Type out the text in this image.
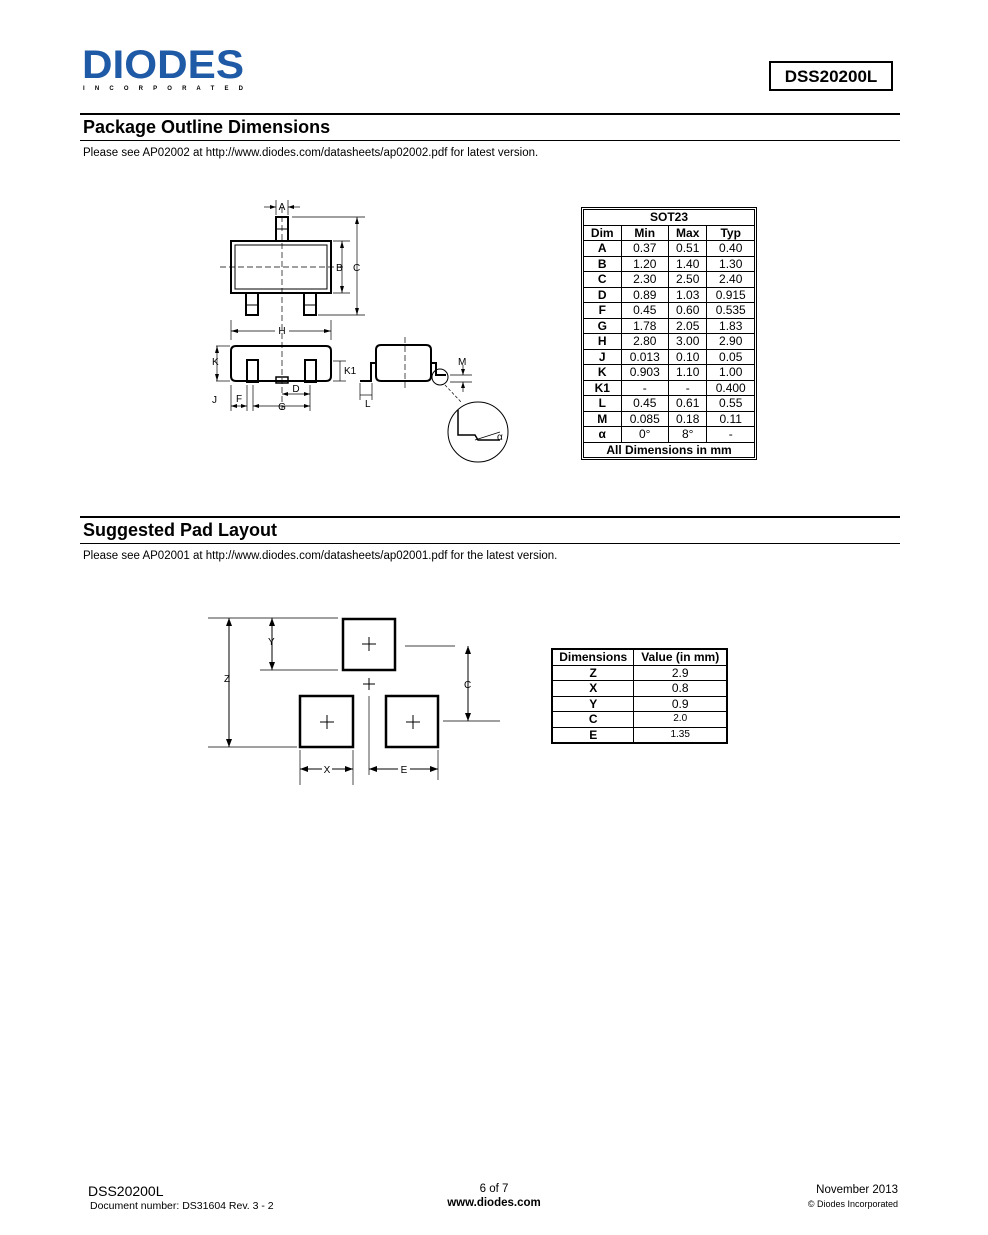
DIODES
I N C O R P O R A T E D
DSS20200L
Package Outline Dimensions
Please see AP02002 at http://www.diodes.com/datasheets/ap02002.pdf for latest version.
A
B C
H
K
J
K1
F
D
G	L
M
α
SOT23			
Dim	Min	Max	Typ
A	0.37	0.51	0.40
B	1.20	1.40	1.30
C	2.30	2.50	2.40
D	0.89	1.03	0.915
F	0.45	0.60	0.535
G	1.78	2.05	1.83
H	2.80	3.00	2.90
J	0.013	0.10	0.05
K	0.903	1.10	1.00
K1	-	-	0.400
L	0.45	0.61	0.55
M	0.085	0.18	0.11
α	0°	8°	-
All Dimensions in mm			
Suggested Pad Layout
Please see AP02001 at http://www.diodes.com/datasheets/ap02001.pdf for the latest version.
Z
Y
C
X	E
Dimensions	Value (in mm)
Z	2.9
X	0.8
Y	0.9
C	2.0
E	1.35
DSS20200L
Document number: DS31604 Rev. 3 - 2
6 of 7
www.diodes.com
November 2013
© Diodes Incorporated
